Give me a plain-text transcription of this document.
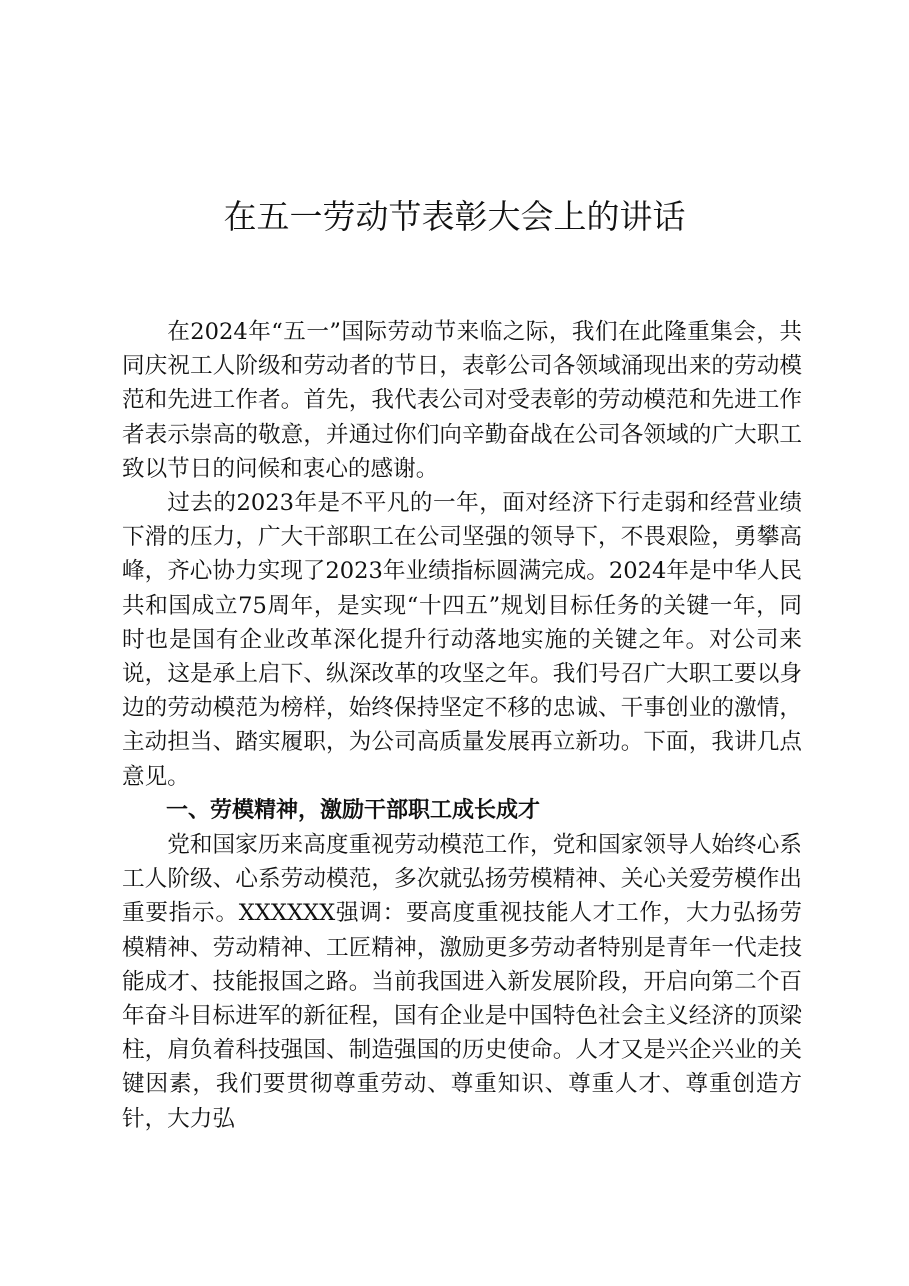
在五一劳动节表彰大会上的讲话

在2024年“五一”国际劳动节来临之际，我们在此隆重集会，共同庆祝工人阶级和劳动者的节日，表彰公司各领域涌现出来的劳动模范和先进工作者。首先，我代表公司对受表彰的劳动模范和先进工作者表示崇高的敬意，并通过你们向辛勤奋战在公司各领域的广大职工致以节日的问候和衷心的感谢。

过去的2023年是不平凡的一年，面对经济下行走弱和经营业绩下滑的压力，广大干部职工在公司坚强的领导下，不畏艰险，勇攀高峰，齐心协力实现了2023年业绩指标圆满完成。2024年是中华人民共和国成立75周年，是实现“十四五”规划目标任务的关键一年，同时也是国有企业改革深化提升行动落地实施的关键之年。对公司来说，这是承上启下、纵深改革的攻坚之年。我们号召广大职工要以身边的劳动模范为榜样，始终保持坚定不移的忠诚、干事创业的激情，主动担当、踏实履职，为公司高质量发展再立新功。下面，我讲几点意见。

一、劳模精神，激励干部职工成长成才

党和国家历来高度重视劳动模范工作，党和国家领导人始终心系工人阶级、心系劳动模范，多次就弘扬劳模精神、关心关爱劳模作出重要指示。XXXXXX强调：要高度重视技能人才工作，大力弘扬劳模精神、劳动精神、工匠精神，激励更多劳动者特别是青年一代走技能成才、技能报国之路。当前我国进入新发展阶段，开启向第二个百年奋斗目标进军的新征程，国有企业是中国特色社会主义经济的顶梁柱，肩负着科技强国、制造强国的历史使命。人才又是兴企兴业的关键因素，我们要贯彻尊重劳动、尊重知识、尊重人才、尊重创造方针，大力弘
